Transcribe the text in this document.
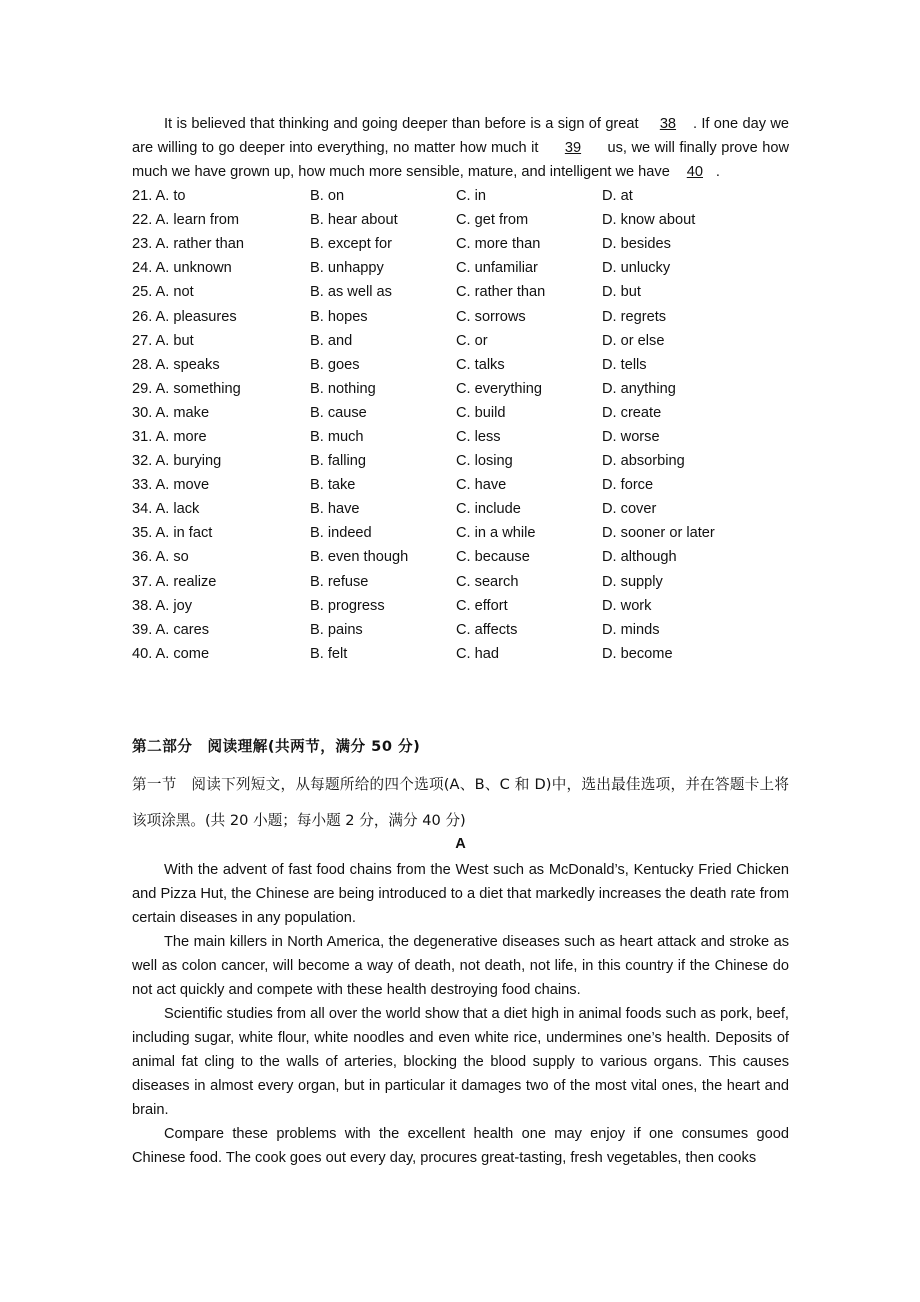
It is believed that thinking and going deeper than before is a sign of great 38 . If one day we are willing to go deeper into everything, no matter how much it 39 us, we will finally prove how much we have grown up, how much more sensible, mature, and intelligent we have 40 .

21. A. to	B. on	C. in	D. at
22. A. learn from	B. hear about	C. get from	D. know about
23. A. rather than	B. except for	C. more than	D. besides
24. A. unknown	B. unhappy	C. unfamiliar	D. unlucky
25. A. not	B. as well as	C. rather than	D. but
26. A. pleasures	B. hopes	C. sorrows	D. regrets
27. A. but	B. and	C. or	D. or else
28. A. speaks	B. goes	C. talks	D. tells
29. A. something	B. nothing	C. everything	D. anything
30. A. make	B. cause	C. build	D. create
31. A. more	B. much	C. less	D. worse
32. A. burying	B. falling	C. losing	D. absorbing
33. A. move	B. take	C. have	D. force
34. A. lack	B. have	C. include	D. cover
35. A. in fact	B. indeed	C. in a while	D. sooner or later
36. A. so	B. even though	C. because	D. although
37. A. realize	B. refuse	C. search	D. supply
38. A. joy	B. progress	C. effort	D. work
39. A. cares	B. pains	C. affects	D. minds
40. A. come	B. felt	C. had	D. become
第二部分　阅读理解(共两节，满分 50 分)
第一节　阅读下列短文，从每题所给的四个选项(A、B、C 和 D)中，选出最佳选项，并在答题卡上将该项涂黑。(共 20 小题；每小题 2 分，满分 40 分)
A

With the advent of fast food chains from the West such as McDonald’s, Kentucky Fried Chicken and Pizza Hut, the Chinese are being introduced to a diet that markedly increases the death rate from certain diseases in any population.

The main killers in North America, the degenerative diseases such as heart attack and stroke as well as colon cancer, will become a way of death, not death, not life, in this country if the Chinese do not act quickly and compete with these health destroying food chains.

Scientific studies from all over the world show that a diet high in animal foods such as pork, beef, including sugar, white flour, white noodles and even white rice, undermines one’s health. Deposits of animal fat cling to the walls of arteries, blocking the blood supply to various organs. This causes diseases in almost every organ, but in particular it damages two of the most vital ones, the heart and brain.

Compare these problems with the excellent health one may enjoy if one consumes good Chinese food. The cook goes out every day, procures great-tasting, fresh vegetables, then cooks
